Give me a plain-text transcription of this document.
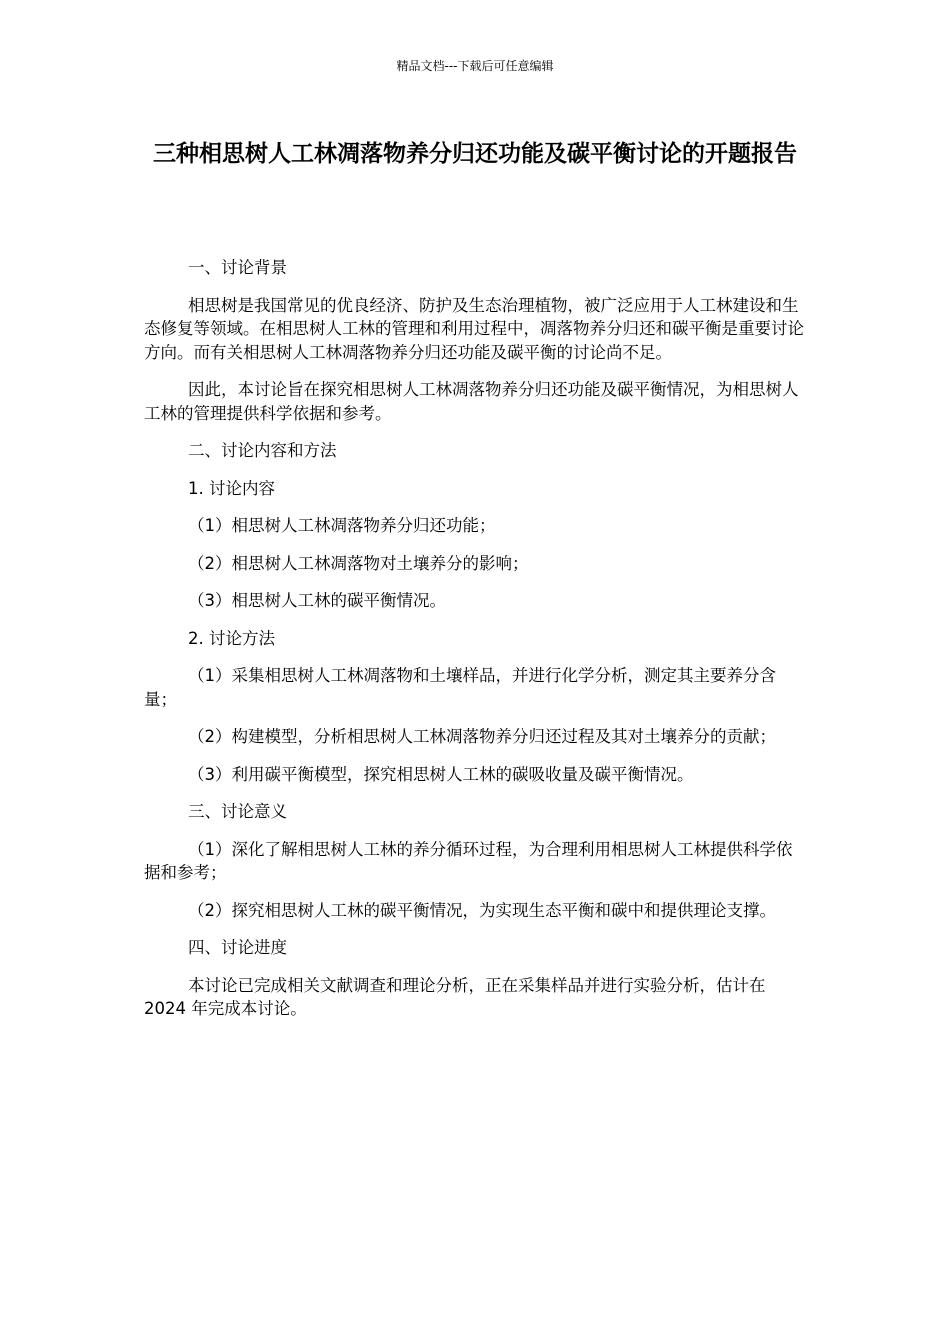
精品文档---下载后可任意编辑
三种相思树人工林凋落物养分归还功能及碳平衡讨论的开题报告

一、讨论背景

相思树是我国常见的优良经济、防护及生态治理植物，被广泛应用于人工林建设和生态修复等领域。在相思树人工林的管理和利用过程中，凋落物养分归还和碳平衡是重要讨论方向。而有关相思树人工林凋落物养分归还功能及碳平衡的讨论尚不足。

因此，本讨论旨在探究相思树人工林凋落物养分归还功能及碳平衡情况，为相思树人工林的管理提供科学依据和参考。

二、讨论内容和方法

1. 讨论内容

（1）相思树人工林凋落物养分归还功能；

（2）相思树人工林凋落物对土壤养分的影响；

（3）相思树人工林的碳平衡情况。

2. 讨论方法

（1）采集相思树人工林凋落物和土壤样品，并进行化学分析，测定其主要养分含量；

（2）构建模型，分析相思树人工林凋落物养分归还过程及其对土壤养分的贡献；

（3）利用碳平衡模型，探究相思树人工林的碳吸收量及碳平衡情况。

三、讨论意义

（1）深化了解相思树人工林的养分循环过程，为合理利用相思树人工林提供科学依据和参考；

（2）探究相思树人工林的碳平衡情况，为实现生态平衡和碳中和提供理论支撑。

四、讨论进度

本讨论已完成相关文献调查和理论分析，正在采集样品并进行实验分析，估计在 2024 年完成本讨论。
